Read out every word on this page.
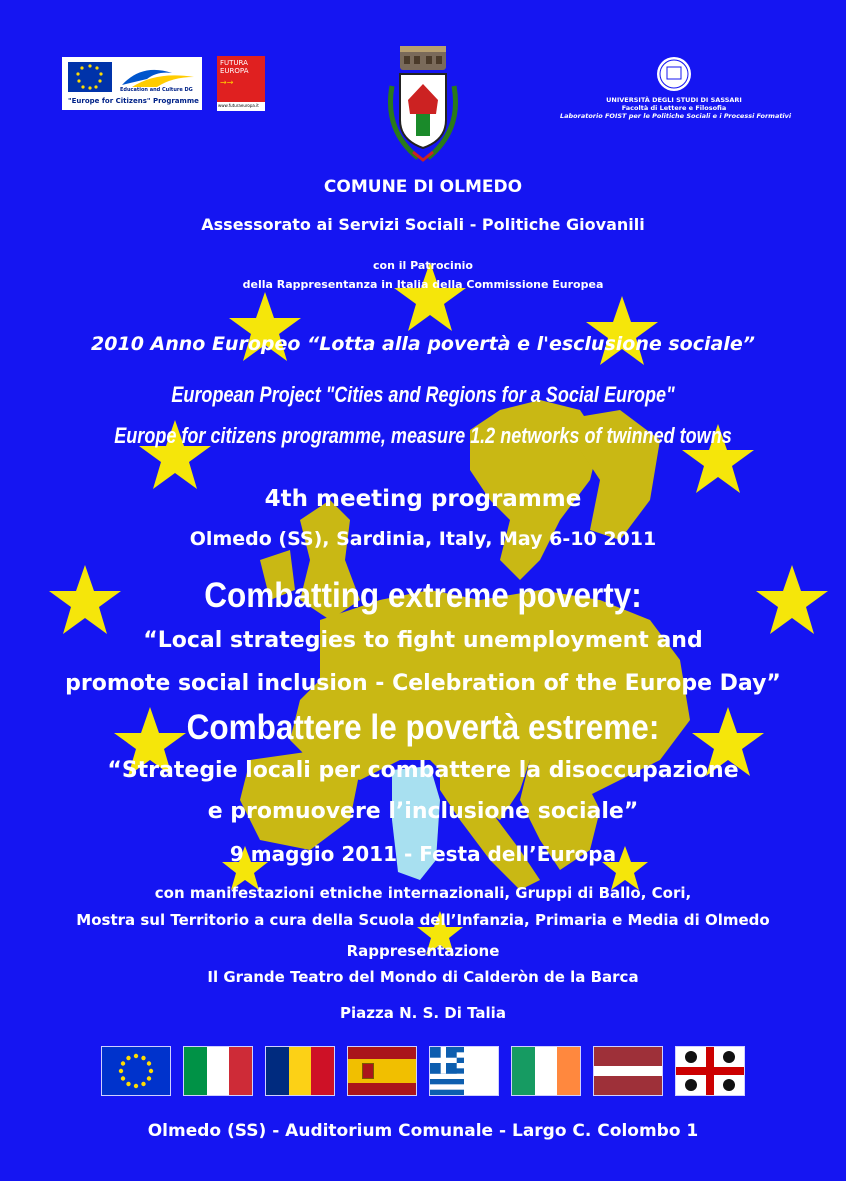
Education and Culture DG
"Europe for Citizens" Programme
FUTURA
EUROPA
→→
www.futuraeuropa.it
UNIVERSITÀ DEGLI STUDI DI SASSARI
Facoltà di Lettere e Filosofia
Laboratorio FOIST per le Politiche Sociali e i Processi Formativi
COMUNE DI OLMEDO
Assessorato ai Servizi Sociali - Politiche Giovanili
con il Patrocinio
della Rappresentanza in Italia della Commissione Europea
2010 Anno Europeo “Lotta alla povertà e l'esclusione sociale”
European Project "Cities and Regions for a Social Europe"
Europe for citizens programme, measure 1.2 networks of twinned towns
4th meeting programme
Olmedo (SS), Sardinia, Italy, May 6-10 2011
Combatting extreme poverty:
“Local strategies to fight unemployment and
promote social inclusion - Celebration of the Europe Day”
Combattere le povertà estreme:
“Strategie locali per combattere la disoccupazione
e promuovere l’inclusione sociale”
9 maggio 2011 - Festa dell’Europa
con manifestazioni etniche internazionali, Gruppi di Ballo, Cori,
Mostra sul Territorio a cura della Scuola dell’Infanzia, Primaria e Media di Olmedo
Rappresentazione
Il Grande Teatro del Mondo di Calderòn de la Barca
Piazza N. S. Di Talia
Olmedo (SS) - Auditorium Comunale - Largo C. Colombo 1
